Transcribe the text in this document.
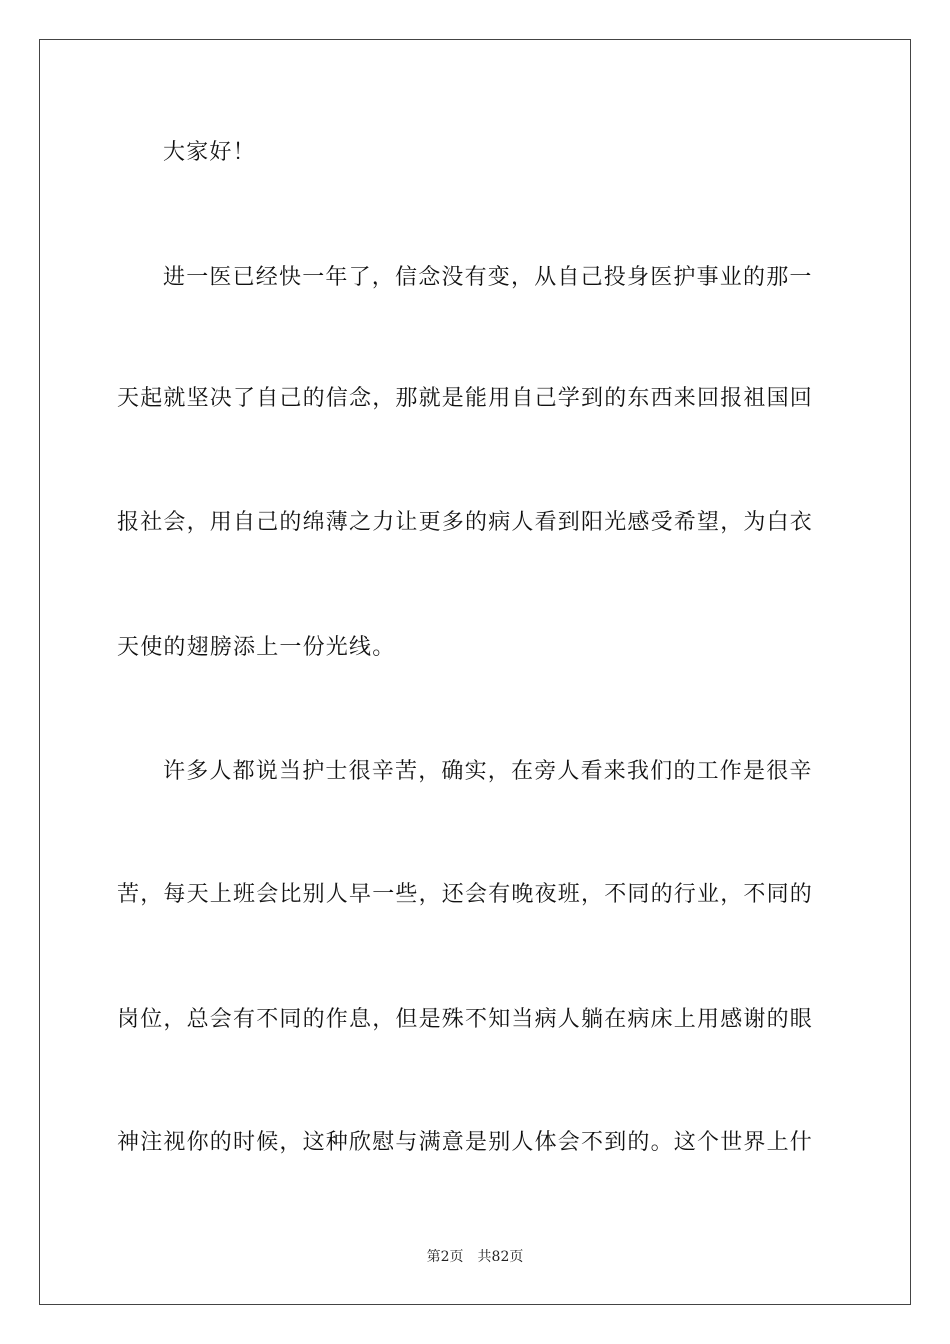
大家好！
进一医已经快一年了，信念没有变，从自己投身医护事业的那一
天起就坚决了自己的信念，那就是能用自己学到的东西来回报祖国回
报社会，用自己的绵薄之力让更多的病人看到阳光感受希望，为白衣
天使的翅膀添上一份光线。
许多人都说当护士很辛苦，确实，在旁人看来我们的工作是很辛
苦，每天上班会比别人早一些，还会有晚夜班，不同的行业，不同的
岗位，总会有不同的作息，但是殊不知当病人躺在病床上用感谢的眼
神注视你的时候，这种欣慰与满意是别人体会不到的。这个世界上什
第2页 共82页
